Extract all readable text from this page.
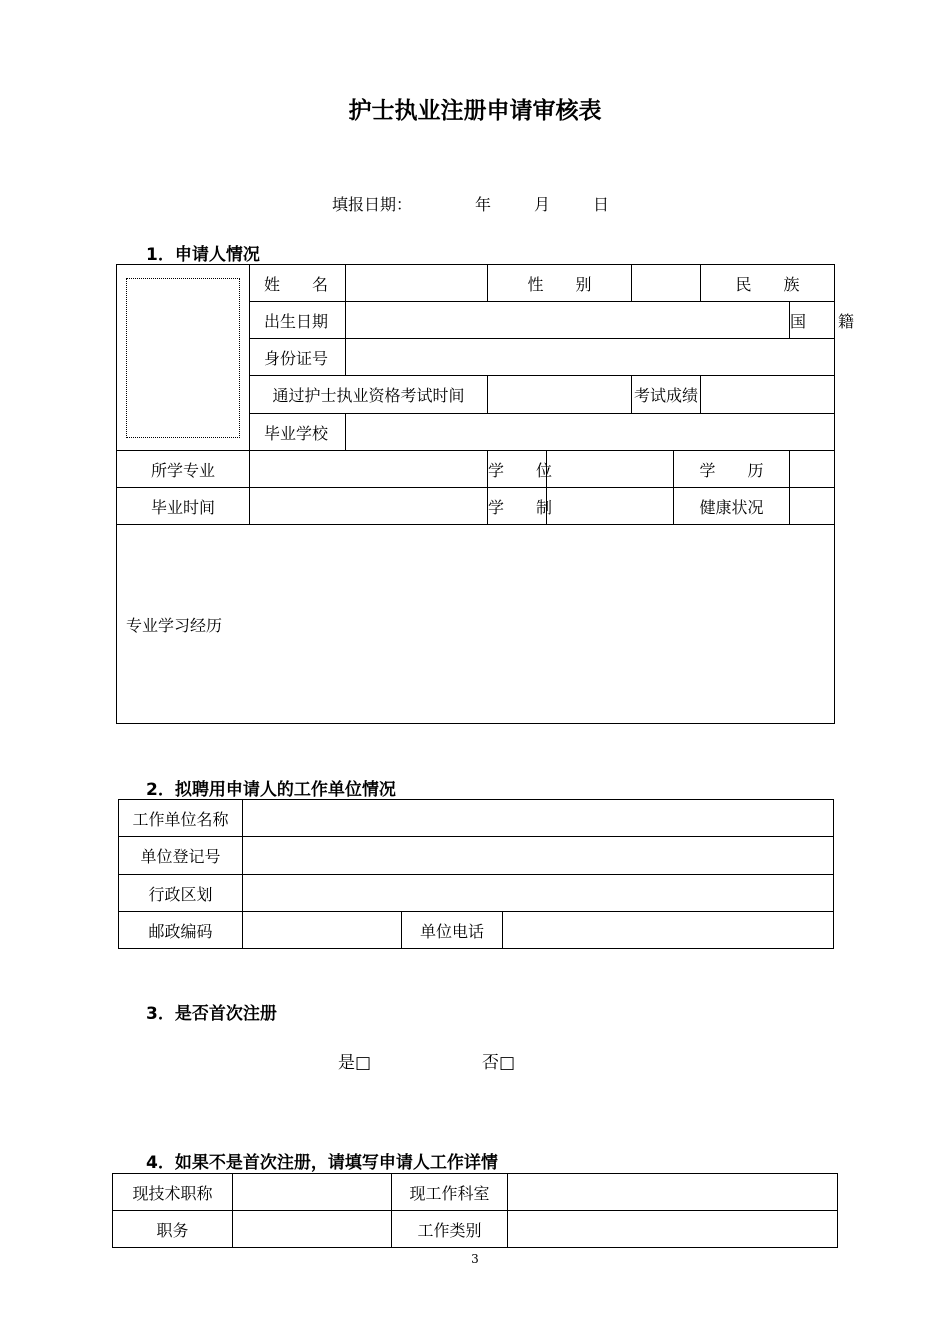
护士执业注册申请审核表
填报日期：	年	月	日
1．申请人情况
	姓　　名		性　　别				民　　族		
	出生日期							国　　籍	
	身份证号								
	通过护士执业资格考试时间				考试成绩				
	毕业学校								
所学专业			学　　位			学　　历			
毕业时间			学　　制			健康状况			
专业学习经历									
2．拟聘用申请人的工作单位情况
工作单位名称			
单位登记号			
行政区划			
邮政编码		单位电话	
3．是否首次注册
是□	否□
4．如果不是首次注册，请填写申请人工作详情
现技术职称		现工作科室	
职务		工作类别	
3
